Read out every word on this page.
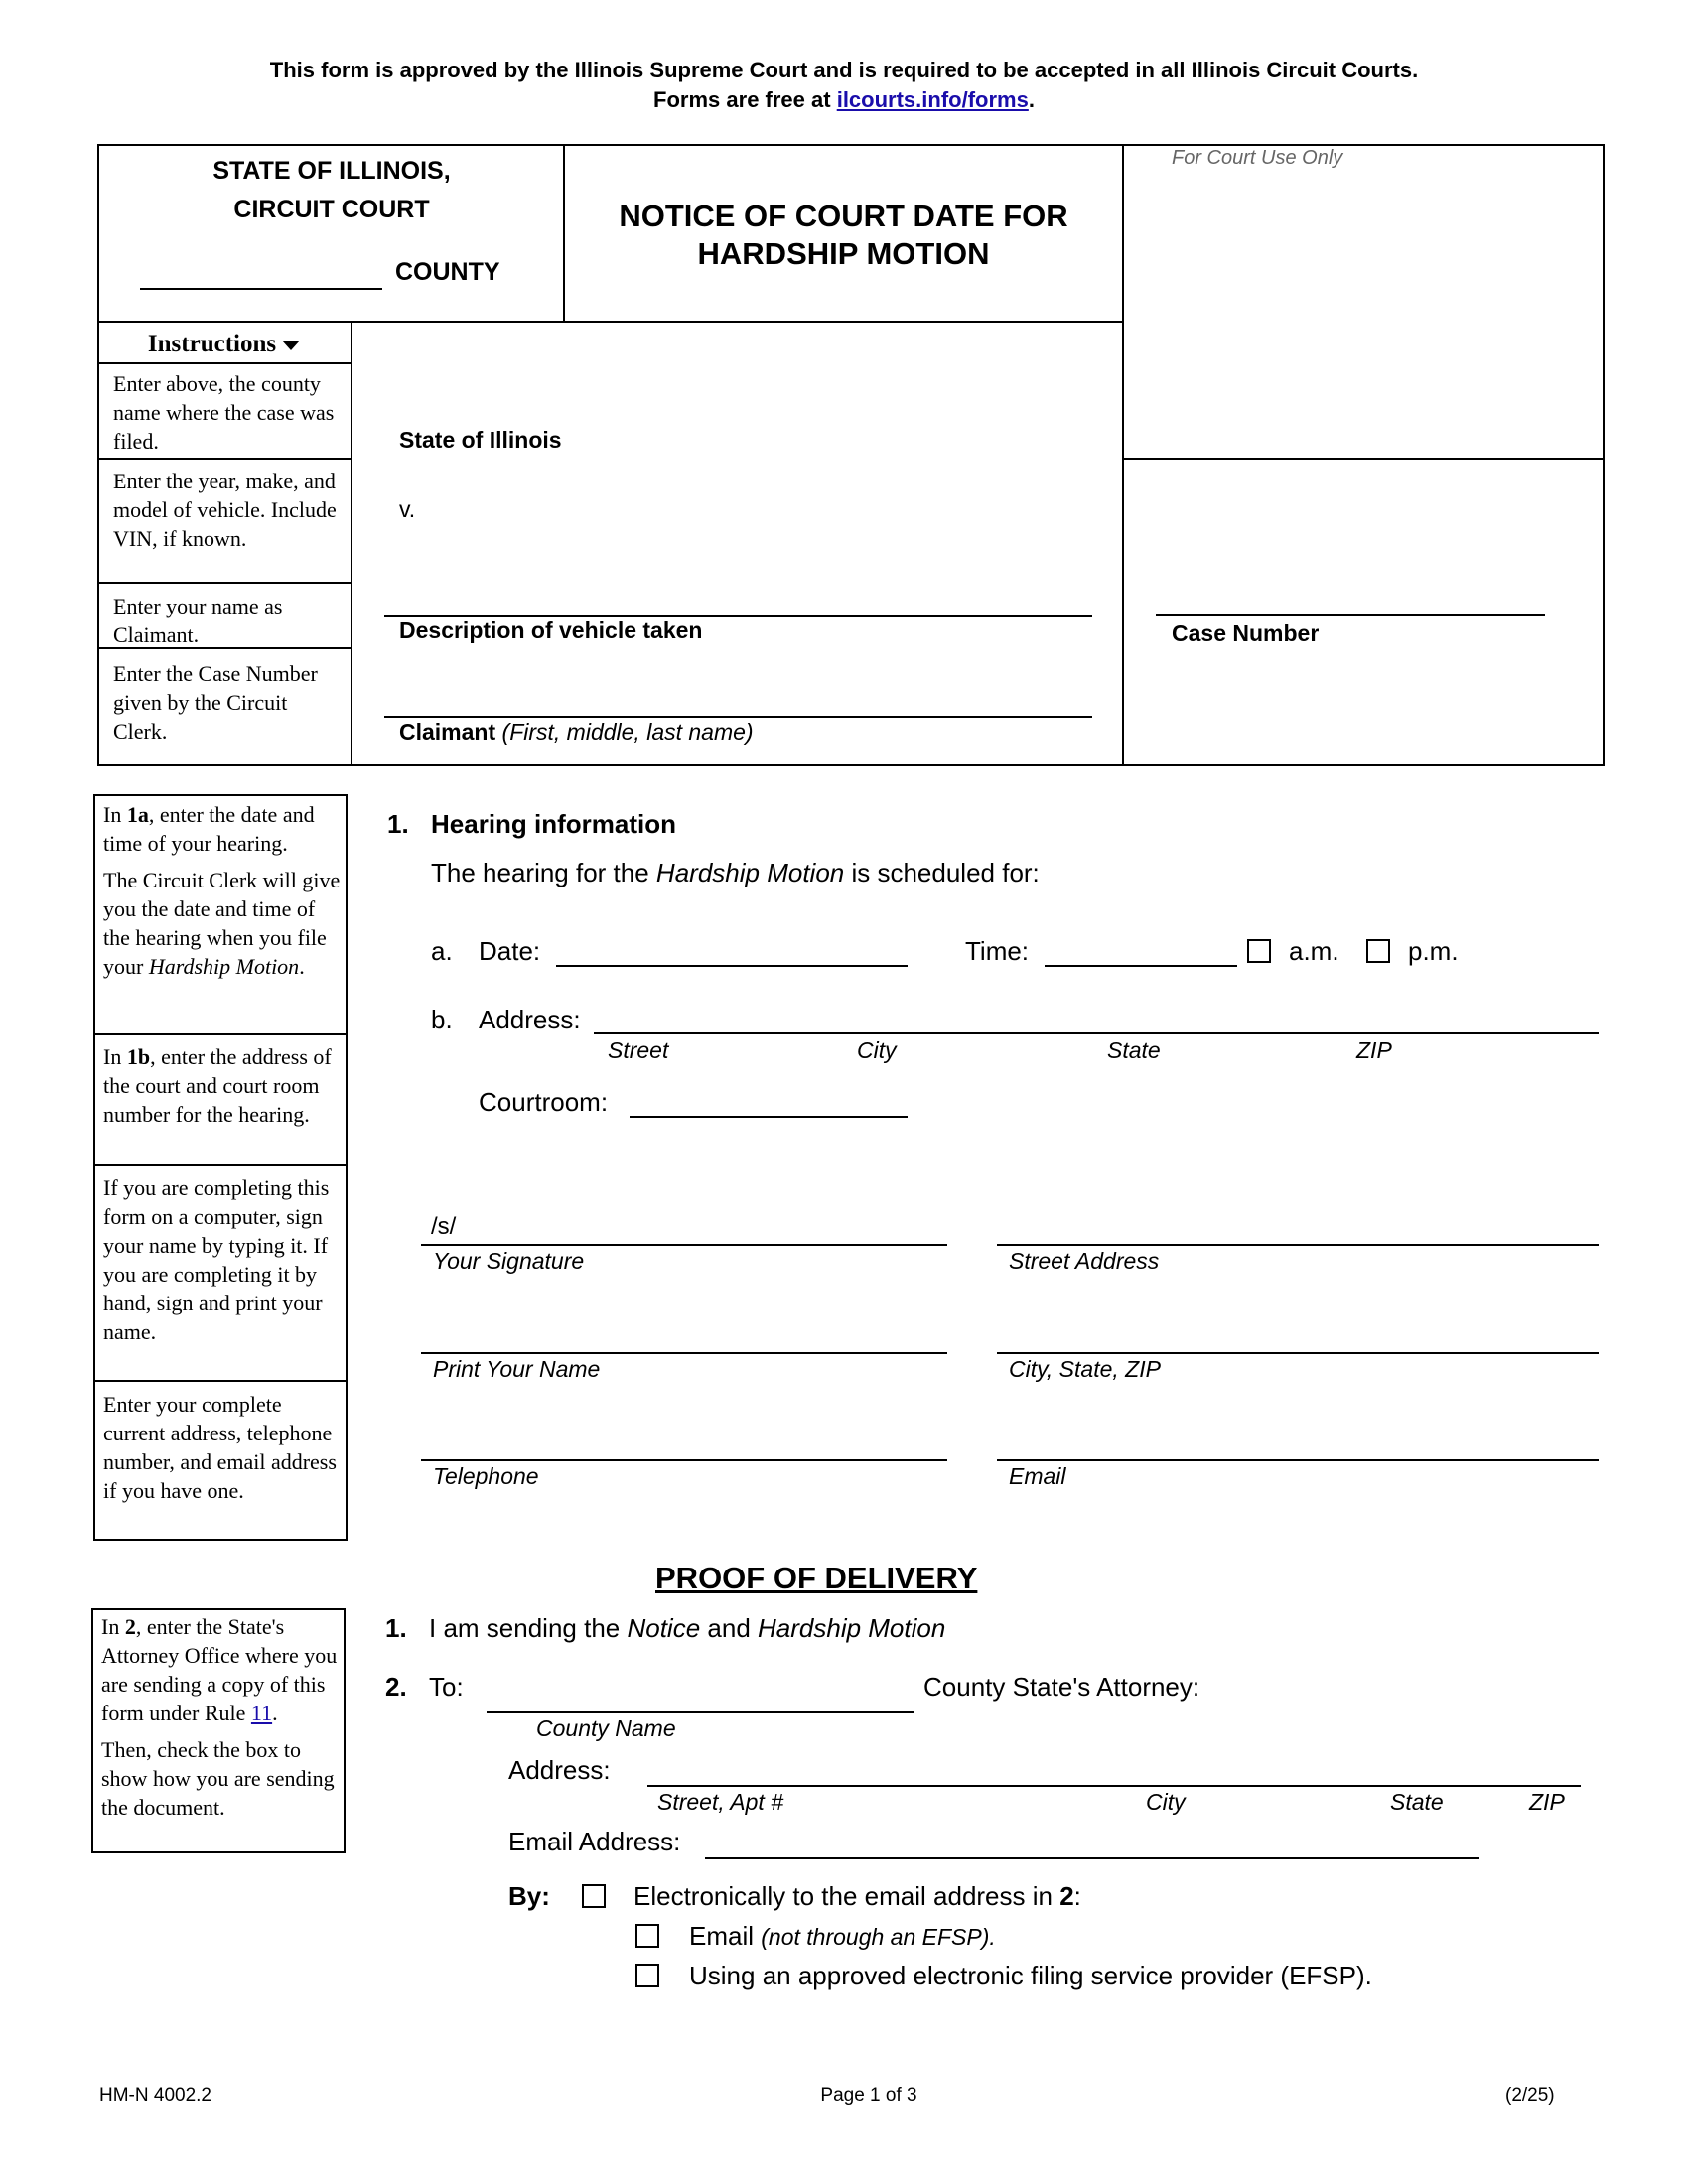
This form is approved by the Illinois Supreme Court and is required to be accepted in all Illinois Circuit Courts.
Forms are free at ilcourts.info/forms.
STATE OF ILLINOIS,
CIRCUIT COURT
COUNTY
NOTICE OF COURT DATE FOR
HARDSHIP MOTION
For Court Use Only
Instructions
Enter above, the county name where the case was filed.
Enter the year, make, and model of vehicle. Include VIN, if known.
Enter your name as Claimant.
Enter the Case Number given by the Circuit Clerk.
State of Illinois
v.
Description of vehicle taken
Claimant (First, middle, last name)
Case Number

In 1a, enter the date and time of your hearing.

The Circuit Clerk will give you the date and time of the hearing when you file your Hardship Motion.

In 1b, enter the address of the court and court room number for the hearing.
If you are completing this form on a computer, sign your name by typing it. If you are completing it by hand, sign and print your name.
Enter your complete current address, telephone number, and email address if you have one.
1. Hearing information
The hearing for the Hardship Motion is scheduled for:
a. Date:	Time:	a.m.	p.m.
b. Address:
Street	City	State	ZIP
Courtroom:
/s/
Your Signature	Street Address
Print Your Name	City, State, ZIP
Telephone	Email
PROOF OF DELIVERY

In 2, enter the State's Attorney Office where you are sending a copy of this form under Rule 11.

Then, check the box to show how you are sending the document.

1. I am sending the Notice and Hardship Motion
2. To:	County State's Attorney:
County Name
Address:
Street, Apt #	City	State	ZIP
Email Address:
By:	Electronically to the email address in 2:
Email (not through an EFSP).
Using an approved electronic filing service provider (EFSP).
HM-N 4002.2	Page 1 of 3	(2/25)
